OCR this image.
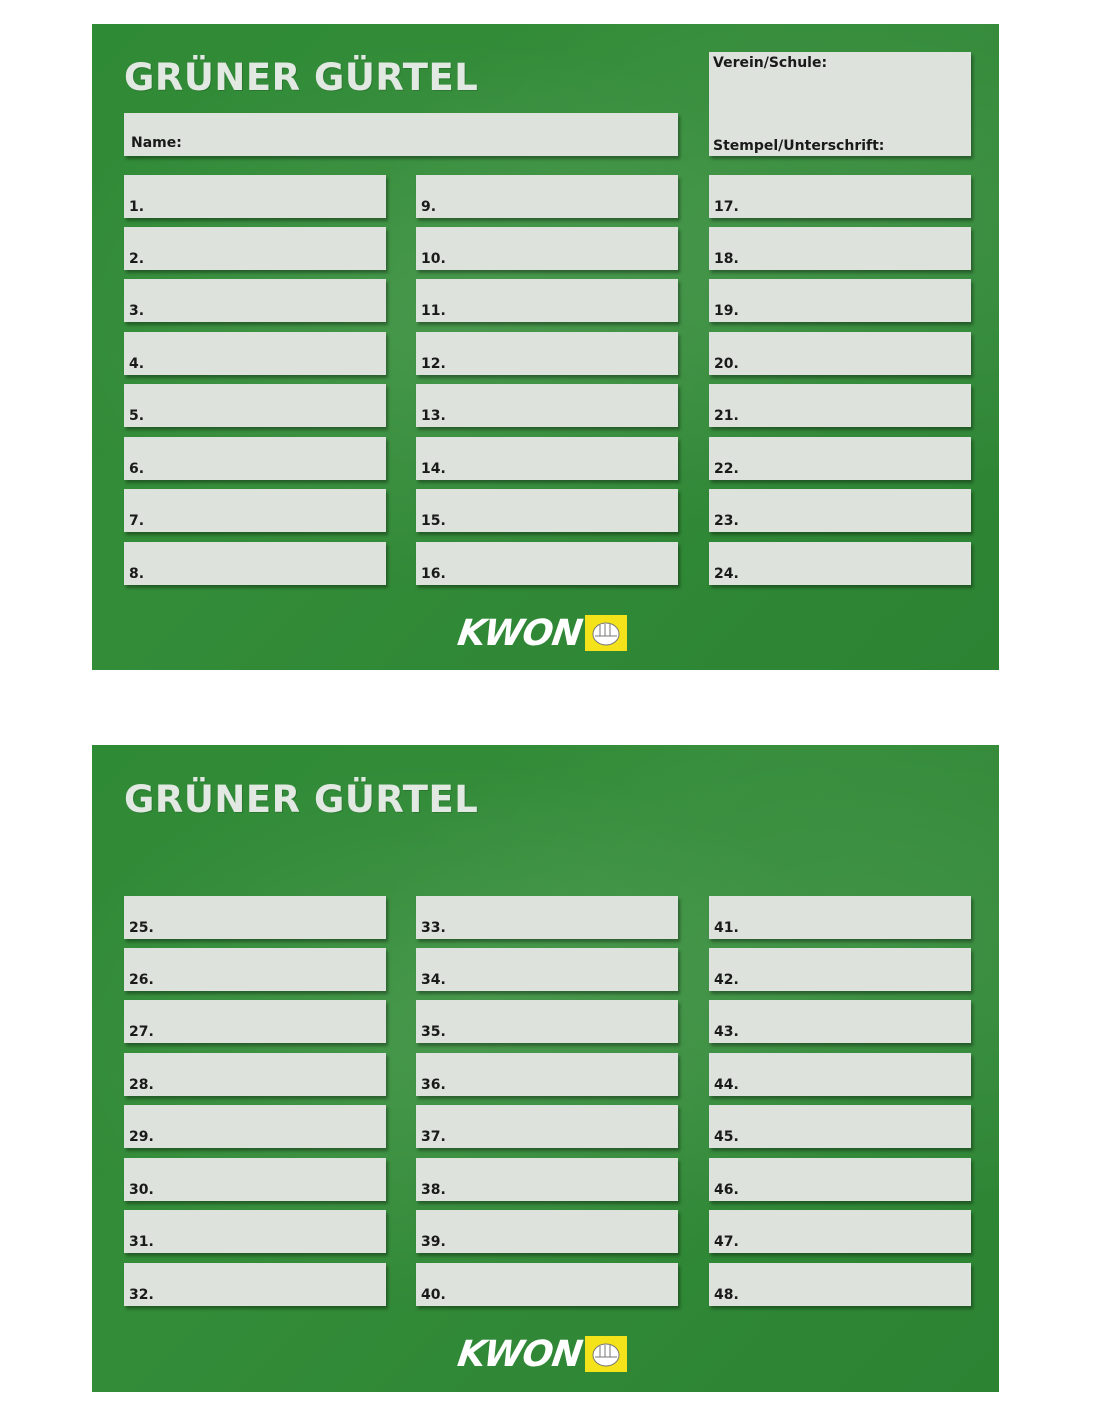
GRÜNER GÜRTEL
Name:
Verein/Schule:
Stempel/Unterschrift:
1.
2.
3.
4.
5.
6.
7.
8.
9.
10.
11.
12.
13.
14.
15.
16.
17.
18.
19.
20.
21.
22.
23.
24.
KWON
GRÜNER GÜRTEL
25.
26.
27.
28.
29.
30.
31.
32.
33.
34.
35.
36.
37.
38.
39.
40.
41.
42.
43.
44.
45.
46.
47.
48.
KWON
